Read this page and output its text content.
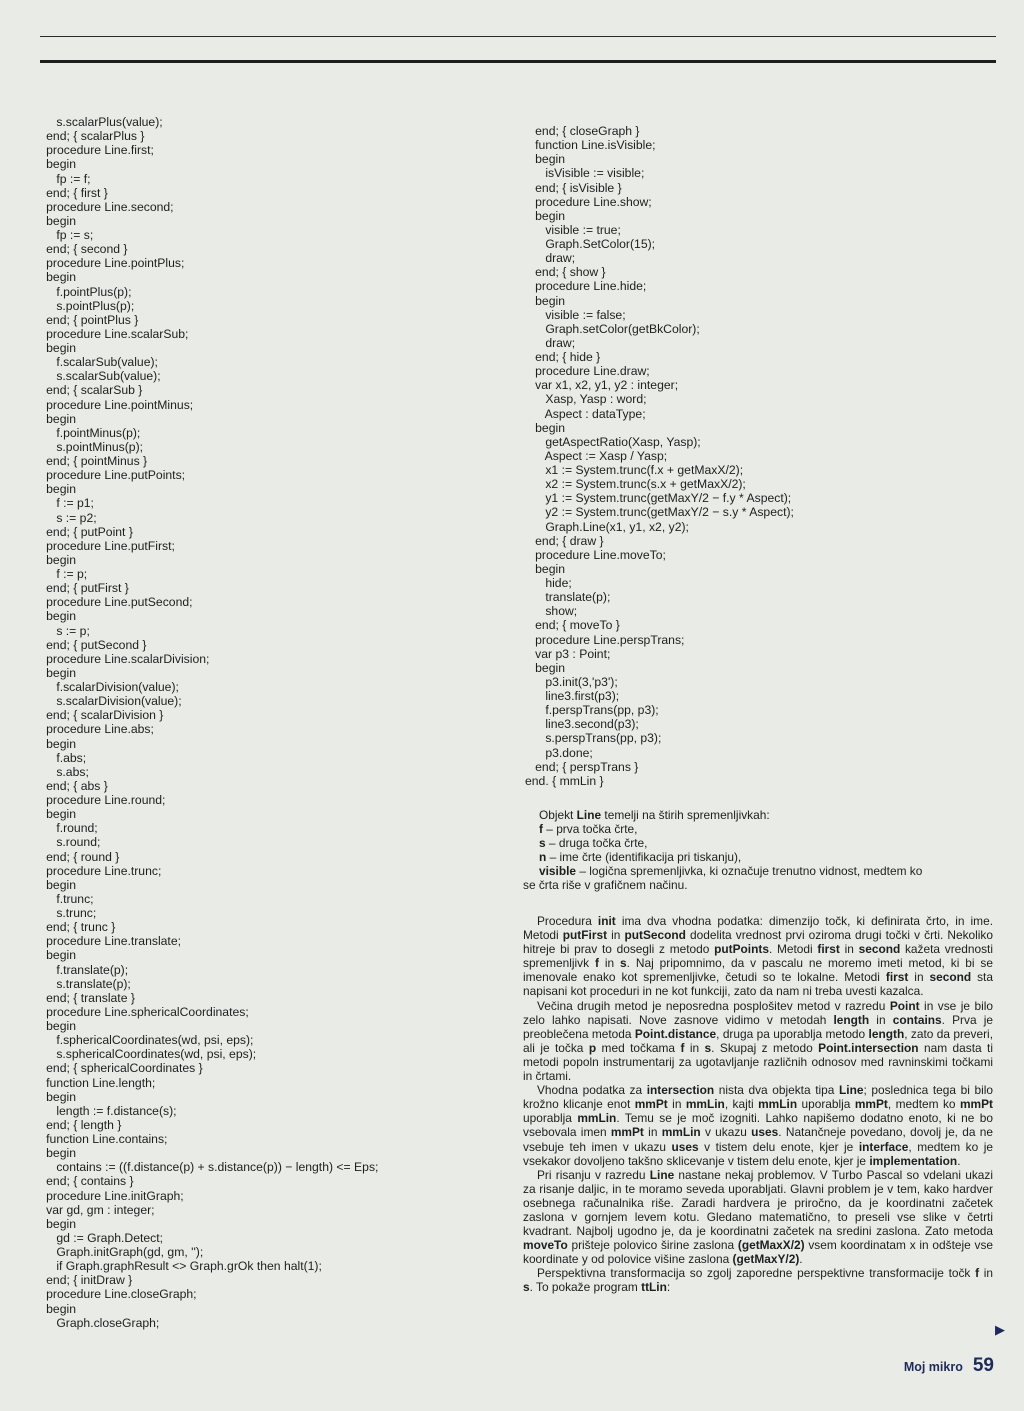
s.scalarPlus(value);
end; { scalarPlus }
procedure Line.first;
begin
fp := f;
end; { first }
procedure Line.second;
begin
fp := s;
end; { second }
procedure Line.pointPlus;
begin
f.pointPlus(p);
s.pointPlus(p);
end; { pointPlus }
procedure Line.scalarSub;
begin
f.scalarSub(value);
s.scalarSub(value);
end; { scalarSub }
procedure Line.pointMinus;
begin
f.pointMinus(p);
s.pointMinus(p);
end; { pointMinus }
procedure Line.putPoints;
begin
f := p1;
s := p2;
end; { putPoint }
procedure Line.putFirst;
begin
f := p;
end; { putFirst }
procedure Line.putSecond;
begin
s := p;
end; { putSecond }
procedure Line.scalarDivision;
begin
f.scalarDivision(value);
s.scalarDivision(value);
end; { scalarDivision }
procedure Line.abs;
begin
f.abs;
s.abs;
end; { abs }
procedure Line.round;
begin
f.round;
s.round;
end; { round }
procedure Line.trunc;
begin
f.trunc;
s.trunc;
end; { trunc }
procedure Line.translate;
begin
f.translate(p);
s.translate(p);
end; { translate }
procedure Line.sphericalCoordinates;
begin
f.sphericalCoordinates(wd, psi, eps);
s.sphericalCoordinates(wd, psi, eps);
end; { sphericalCoordinates }
function Line.length;
begin
length := f.distance(s);
end; { length }
function Line.contains;
begin
contains := ((f.distance(p) + s.distance(p)) − length) <= Eps;
end; { contains }
procedure Line.initGraph;
var gd, gm : integer;
begin
gd := Graph.Detect;
Graph.initGraph(gd, gm, '');
if Graph.graphResult <> Graph.grOk then halt(1);
end; { initDraw }
procedure Line.closeGraph;
begin
Graph.closeGraph;

end; { closeGraph }
function Line.isVisible;
begin
isVisible := visible;
end; { isVisible }
procedure Line.show;
begin
visible := true;
Graph.SetColor(15);
draw;
end; { show }
procedure Line.hide;
begin
visible := false;
Graph.setColor(getBkColor);
draw;
end; { hide }
procedure Line.draw;
var x1, x2, y1, y2 : integer;
Xasp, Yasp : word;
Aspect : dataType;
begin
getAspectRatio(Xasp, Yasp);
Aspect := Xasp / Yasp;
x1 := System.trunc(f.x + getMaxX/2);
x2 := System.trunc(s.x + getMaxX/2);
y1 := System.trunc(getMaxY/2 − f.y * Aspect);
y2 := System.trunc(getMaxY/2 − s.y * Aspect);
Graph.Line(x1, y1, x2, y2);
end; { draw }
procedure Line.moveTo;
begin
hide;
translate(p);
show;
end; { moveTo }
procedure Line.perspTrans;
var p3 : Point;
begin
p3.init(3,'p3');
line3.first(p3);
f.perspTrans(pp, p3);
line3.second(p3);
s.perspTrans(pp, p3);
p3.done;
end; { perspTrans }
end. { mmLin }

Objekt Line temelji na štirih spremenljivkah:
f – prva točka črte,
s – druga točka črte,
n – ime črte (identifikacija pri tiskanju),
visible – logična spremenljivka, ki označuje trenutno vidnost, medtem ko
se črta riše v grafičnem načinu.

Procedura init ima dva vhodna podatka: dimenzijo točk, ki definirata črto, in ime. Metodi putFirst in putSecond dodelita vrednost prvi oziroma drugi točki v črti. Nekoliko hitreje bi prav to dosegli z metodo putPoints. Metodi first in second kažeta vrednosti spremenljivk f in s. Naj pripomnimo, da v pascalu ne moremo imeti metod, ki bi se imenovale enako kot spremenljivke, četudi so te lokalne. Metodi first in second sta napisani kot proceduri in ne kot funkciji, zato da nam ni treba uvesti kazalca.

Večina drugih metod je neposredna posplošitev metod v razredu Point in vse je bilo zelo lahko napisati. Nove zasnove vidimo v metodah length in contains. Prva je preoblečena metoda Point.distance, druga pa uporablja metodo length, zato da preveri, ali je točka p med točkama f in s. Skupaj z metodo Point.intersection nam dasta ti metodi popoln instrumentarij za ugotavljanje različnih odnosov med ravninskimi točkami in črtami.

Vhodna podatka za intersection nista dva objekta tipa Line; poslednica tega bi bilo krožno klicanje enot mmPt in mmLin, kajti mmLin uporablja mmPt, medtem ko mmPt uporablja mmLin. Temu se je moč izogniti. Lahko napišemo dodatno enoto, ki ne bo vsebovala imen mmPt in mmLin v ukazu uses. Natančneje povedano, dovolj je, da ne vsebuje teh imen v ukazu uses v tistem delu enote, kjer je interface, medtem ko je vsekakor dovoljeno takšno sklicevanje v tistem delu enote, kjer je implementation.

Pri risanju v razredu Line nastane nekaj problemov. V Turbo Pascal so vdelani ukazi za risanje daljic, in te moramo seveda uporabljati. Glavni problem je v tem, kako hardver osebnega računalnika riše. Zaradi hardvera je priročno, da je koordinatni začetek zaslona v gornjem levem kotu. Gledano matematično, to preseli vse slike v četrti kvadrant. Najbolj ugodno je, da je koordinatni začetek na sredini zaslona. Zato metoda moveTo prišteje polovico širine zaslona (getMaxX/2) vsem koordinatam x in odšteje vse koordinate y od polovice višine zaslona (getMaxY/2).

Perspektivna transformacija so zgolj zaporedne perspektivne transformacije točk f in s. To pokaže program ttLin:

▶
Moj mikro 59
